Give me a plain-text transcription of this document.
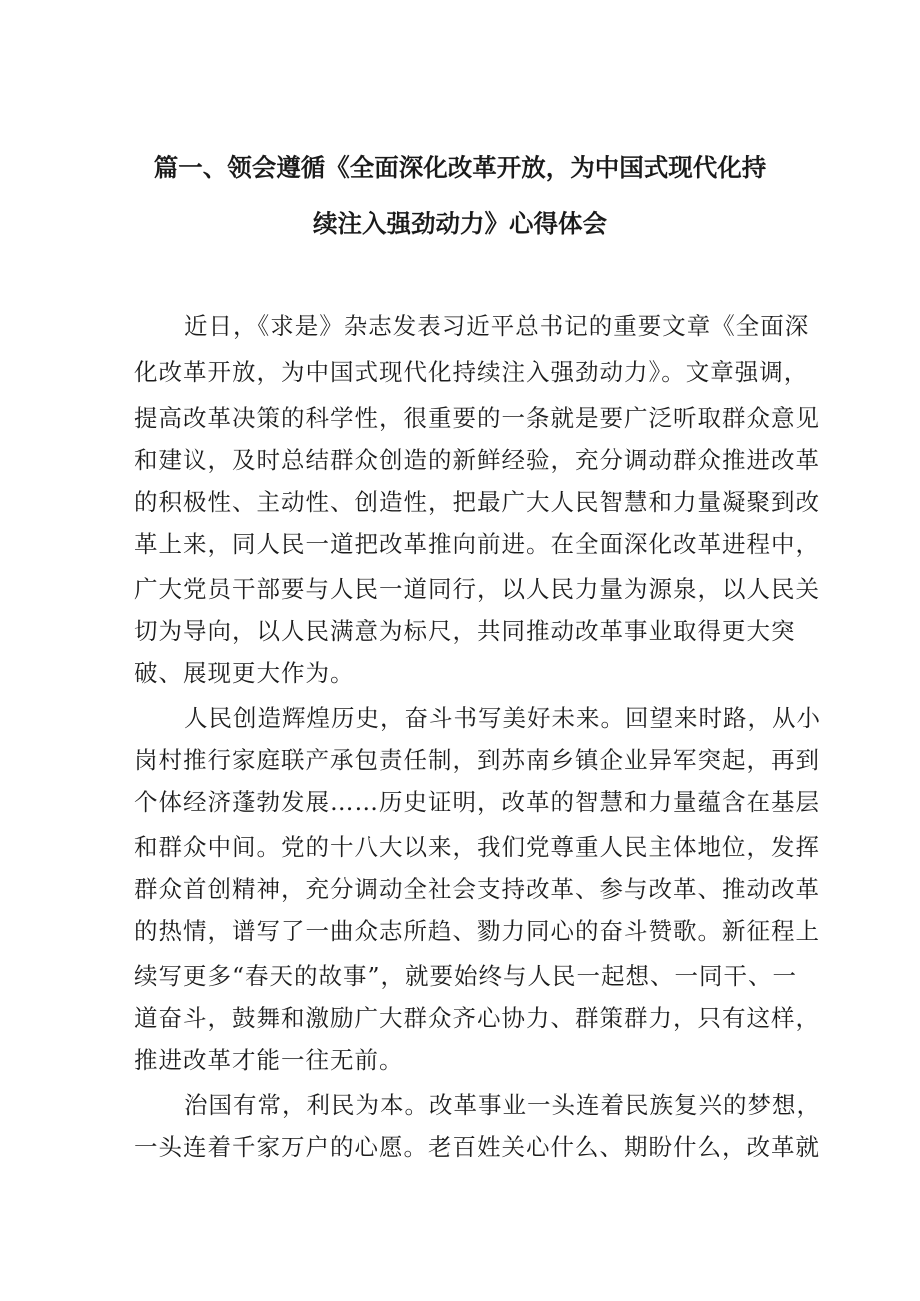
篇一、领会遵循《全面深化改革开放，为中国式现代化持
续注入强劲动力》心得体会
近日，《求是》杂志发表习近平总书记的重要文章《全面深
化改革开放，为中国式现代化持续注入强劲动力》。文章强调，
提高改革决策的科学性，很重要的一条就是要广泛听取群众意见
和建议，及时总结群众创造的新鲜经验，充分调动群众推进改革
的积极性、主动性、创造性，把最广大人民智慧和力量凝聚到改
革上来，同人民一道把改革推向前进。在全面深化改革进程中，
广大党员干部要与人民一道同行，以人民力量为源泉，以人民关
切为导向，以人民满意为标尺，共同推动改革事业取得更大突
破、展现更大作为。
人民创造辉煌历史，奋斗书写美好未来。回望来时路，从小
岗村推行家庭联产承包责任制，到苏南乡镇企业异军突起，再到
个体经济蓬勃发展……历史证明，改革的智慧和力量蕴含在基层
和群众中间。党的十八大以来，我们党尊重人民主体地位，发挥
群众首创精神，充分调动全社会支持改革、参与改革、推动改革
的热情，谱写了一曲众志所趋、勠力同心的奋斗赞歌。新征程上
续写更多“春天的故事”，就要始终与人民一起想、一同干、一
道奋斗，鼓舞和激励广大群众齐心协力、群策群力，只有这样，
推进改革才能一往无前。
治国有常，利民为本。改革事业一头连着民族复兴的梦想，
一头连着千家万户的心愿。老百姓关心什么、期盼什么，改革就
